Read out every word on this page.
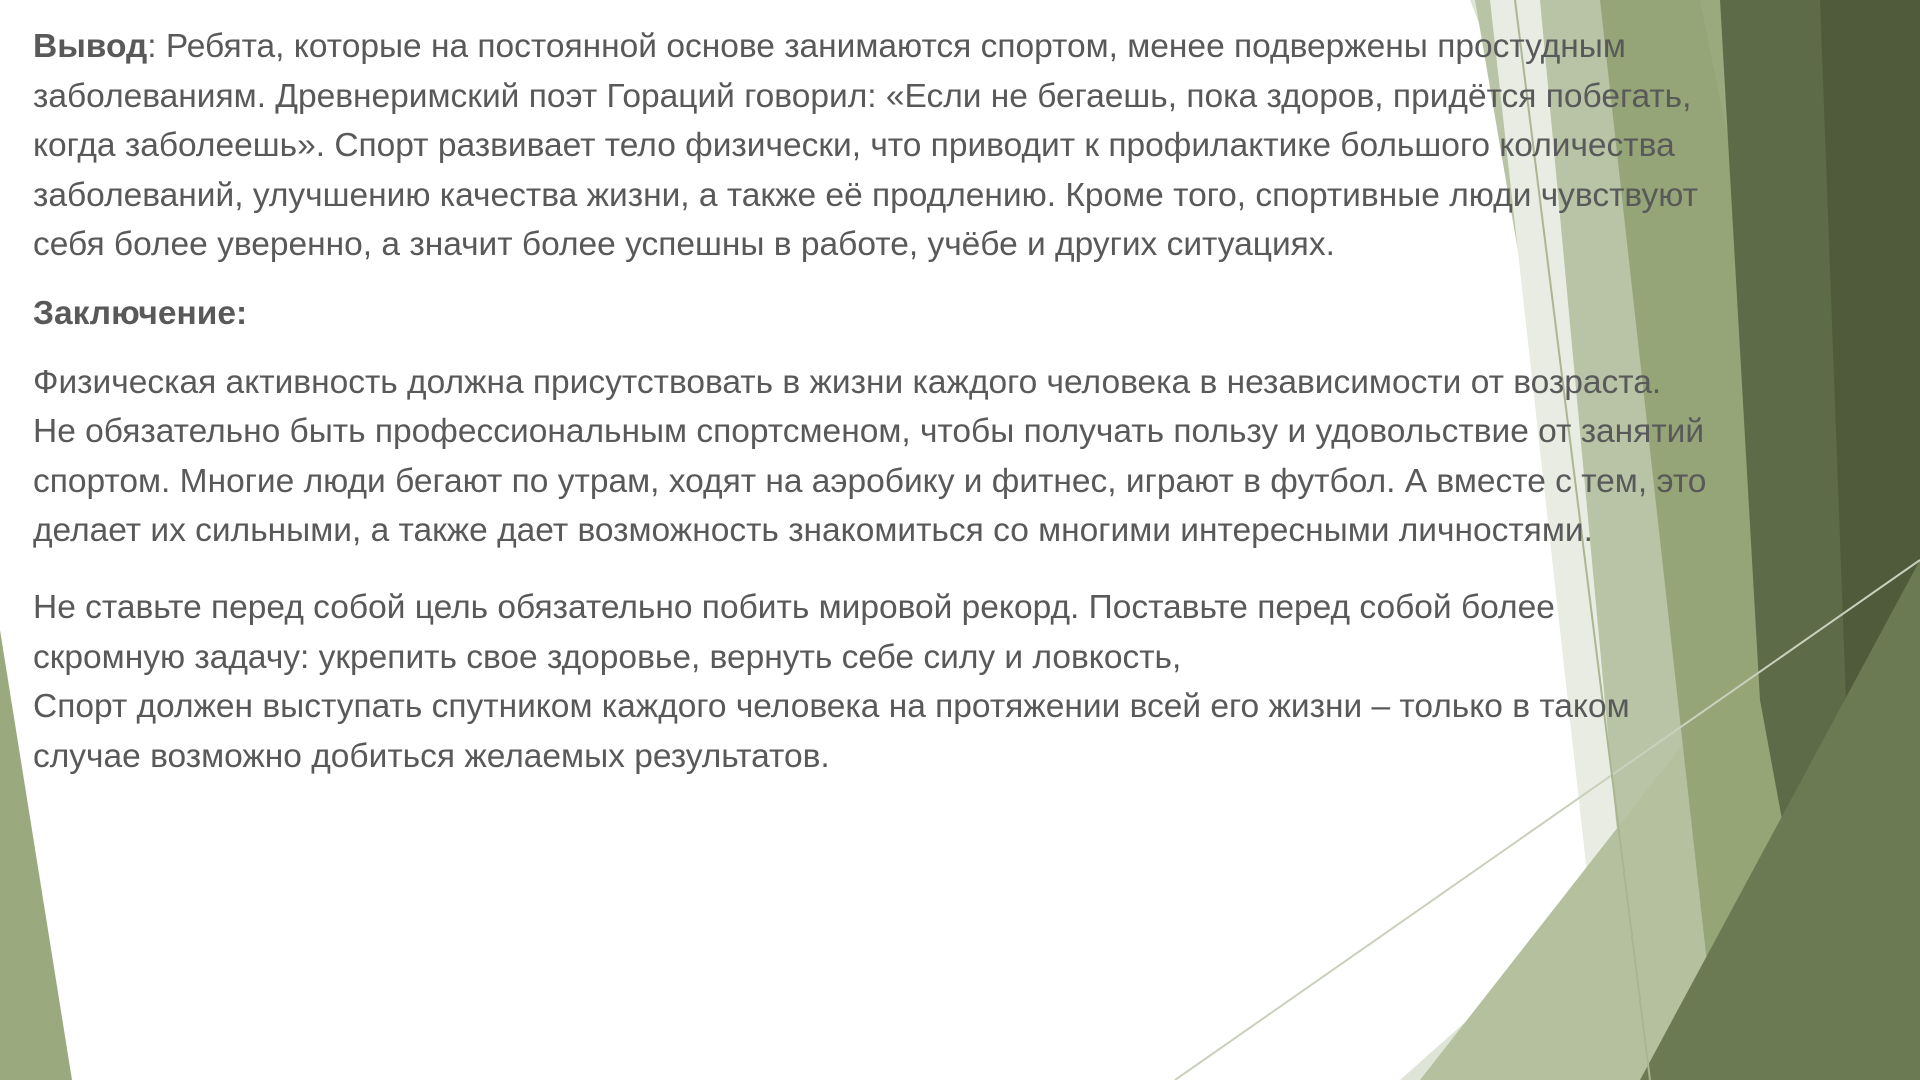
Вывод: Ребята, которые на постоянной основе занимаются спортом, менее подвержены простудным заболеваниям. Древнеримский поэт Гораций говорил: «Если не бегаешь, пока здоров, придётся побегать, когда заболеешь». Спорт развивает тело физически, что приводит к профилактике большого количества заболеваний, улучшению качества жизни, а также её продлению. Кроме того, спортивные люди чувствуют себя более уверенно, а значит более успешны в работе, учёбе и других ситуациях.

Заключение:

Физическая активность должна присутствовать в жизни каждого человека в независимости от возраста. Не обязательно быть профессиональным спортсменом, чтобы получать пользу и удовольствие от занятий спортом. Многие люди бегают по утрам, ходят на аэробику и фитнес, играют в футбол. А вместе с тем, это делает их сильными, а также дает возможность знакомиться со многими интересными личностями.

Не ставьте перед собой цель обязательно побить мировой рекорд. Поставьте перед собой более скромную задачу: укрепить свое здоровье, вернуть себе силу и ловкость,
Спорт должен выступать спутником каждого человека на протяжении всей его жизни – только в таком случае возможно добиться желаемых результатов.
